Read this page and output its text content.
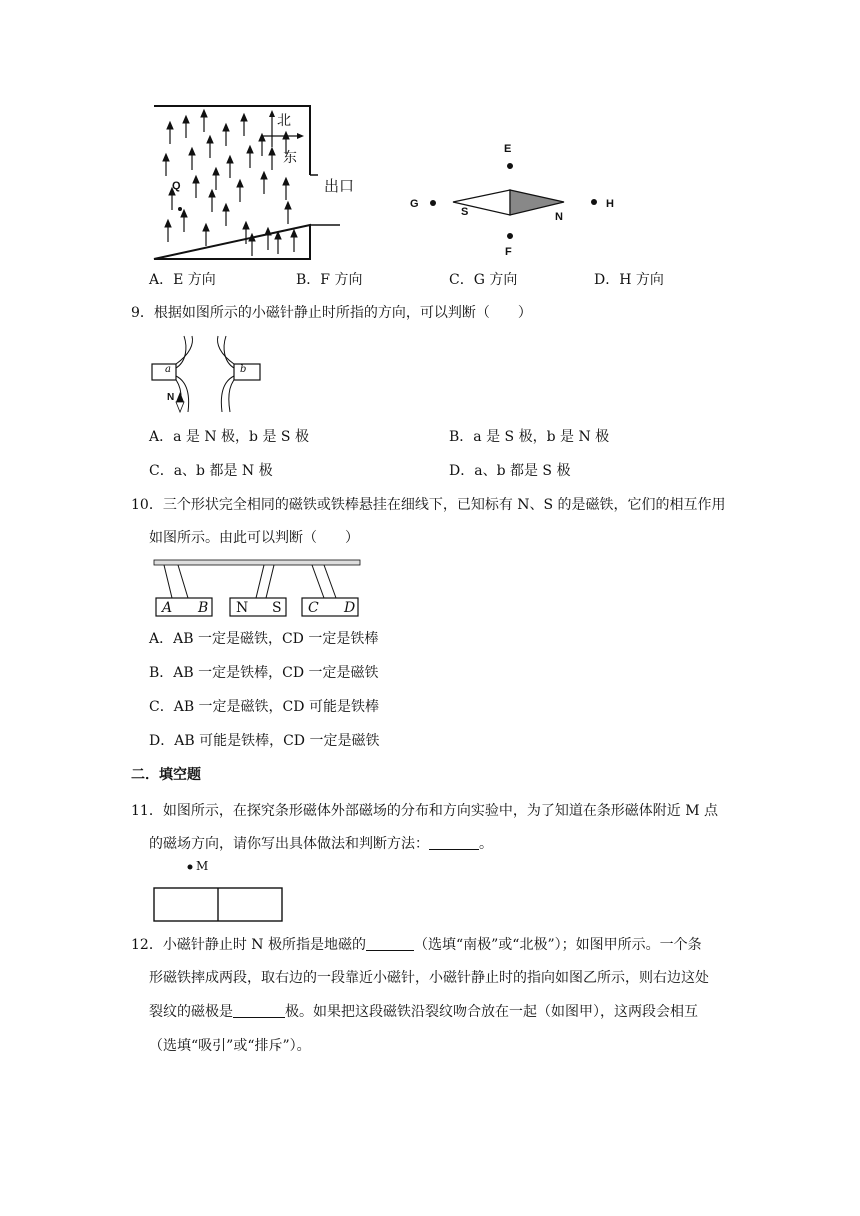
北
东
出口
Q
E
F
G	H
S	N
A．E 方向	B．F 方向	C．G 方向	D．H 方向
9．根据如图所示的小磁针静止时所指的方向，可以判断（　　）
a	b
N
A．a 是 N 极，b 是 S 极	B．a 是 S 极，b 是 N 极
C．a、b 都是 N 极	D．a、b 都是 S 极
10．三个形状完全相同的磁铁或铁棒悬挂在细线下，已知标有 N、S 的是磁铁，它们的相互作用
如图所示。由此可以判断（　　）
A B N S C D
A．AB 一定是磁铁，CD 一定是铁棒
B．AB 一定是铁棒，CD 一定是磁铁
C．AB 一定是磁铁，CD 可能是铁棒
D．AB 可能是铁棒，CD 一定是磁铁
二．填空题
11．如图所示，在探究条形磁体外部磁场的分布和方向实验中，为了知道在条形磁体附近 M 点
的磁场方向，请你写出具体做法和判断方法：	。
M
12．小磁针静止时 N 极所指是地磁的	（选填“南极”或“北极”）；如图甲所示。一个条
形磁铁摔成两段，取右边的一段靠近小磁针，小磁针静止时的指向如图乙所示，则右边这处
裂纹的磁极是	极。如果把这段磁铁沿裂纹吻合放在一起（如图甲），这两段会相互
（选填“吸引”或“排斥”）。
